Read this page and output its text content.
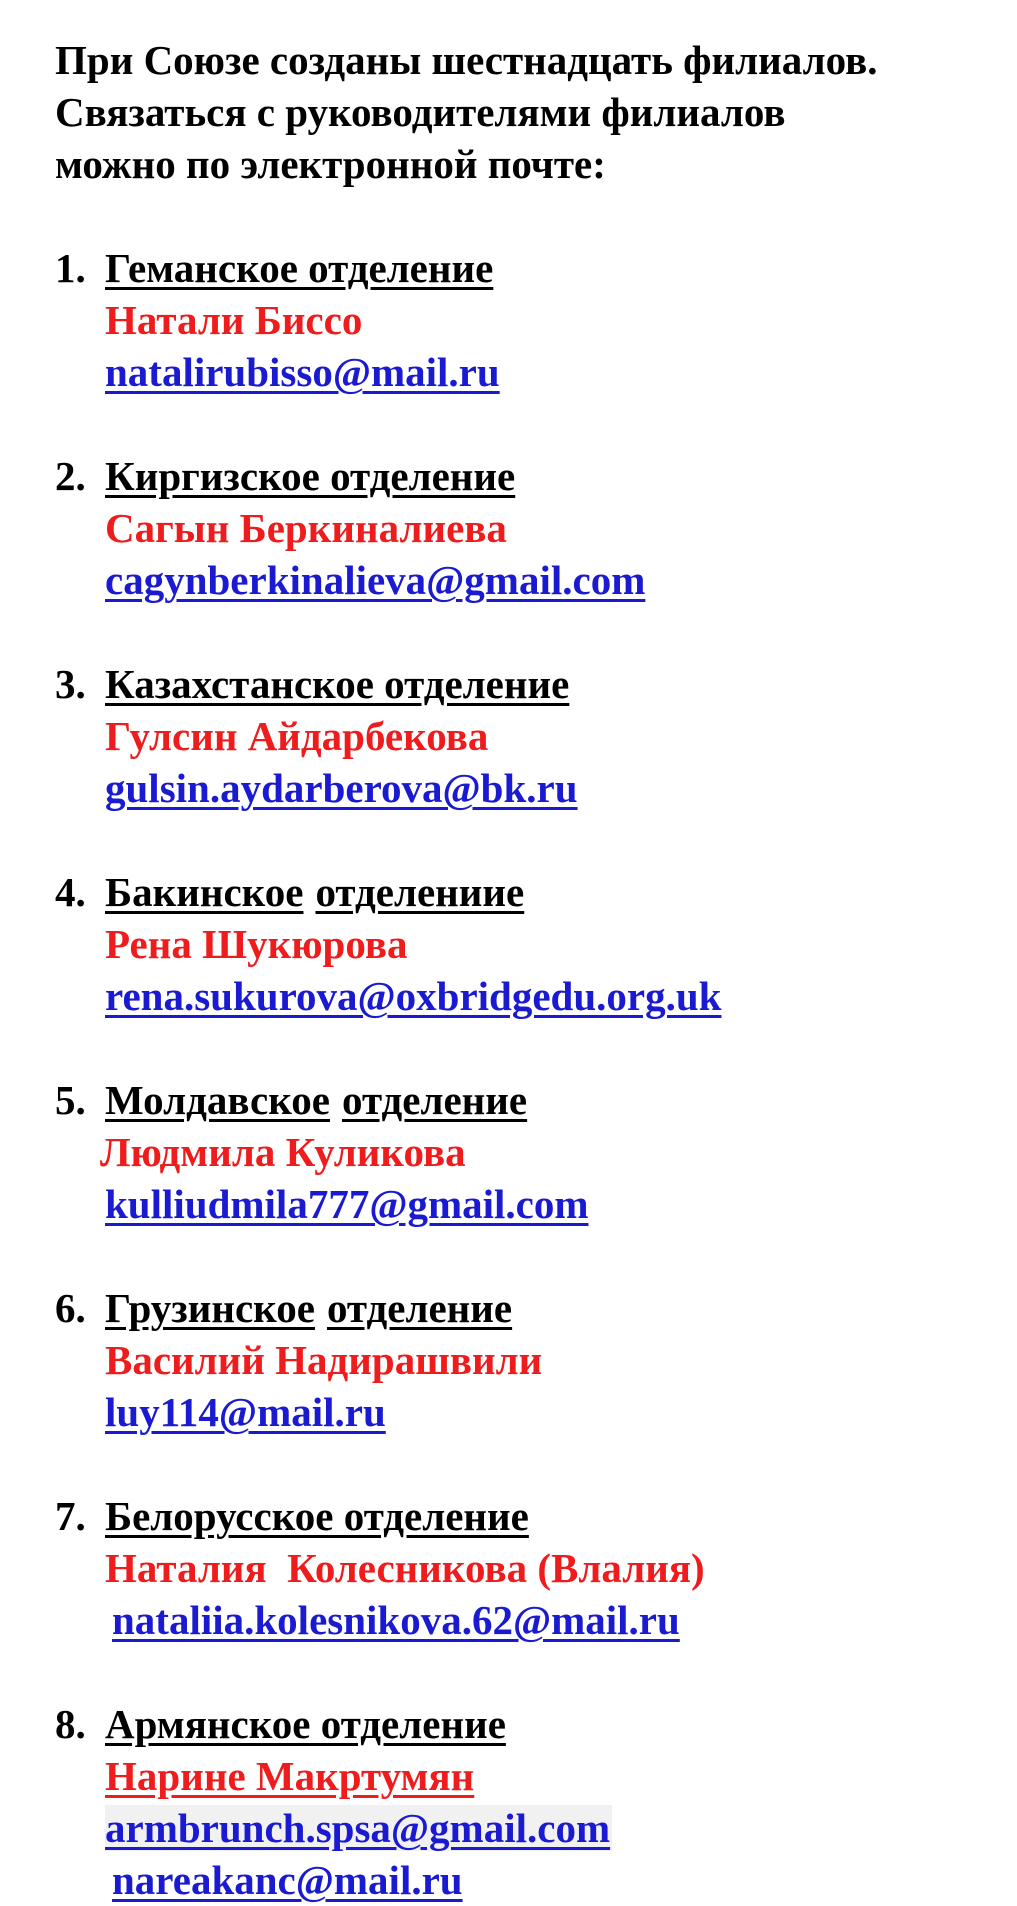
При Союзе созданы шестнадцать филиалов.
Связаться с руководителями филиалов
можно по электронной почте:
1. Геманское отделение
Натали Биссо
natalirubisso@mail.ru
2. Киргизское отделение
Сагын Беркиналиева
cagynberkinalieva@gmail.com
3. Казахстанское отделение
Гулсин Айдарбекова
gulsin.aydarberova@bk.ru
4. Бакинское отделениие
Рена Шукюрова
rena.sukurova@oxbridgedu.org.uk
5. Молдавское отделение
Людмила Куликова
kulliudmila777@gmail.com
6. Грузинское отделение
Василий Надирашвили
luy114@mail.ru
7. Белорусское отделение
Наталия  Колесникова (Влалия)
nataliia.kolesnikova.62@mail.ru
8. Армянское отделение
Нарине Макртумян
armbrunch.spsa@gmail.com
nareakanc@mail.ru
